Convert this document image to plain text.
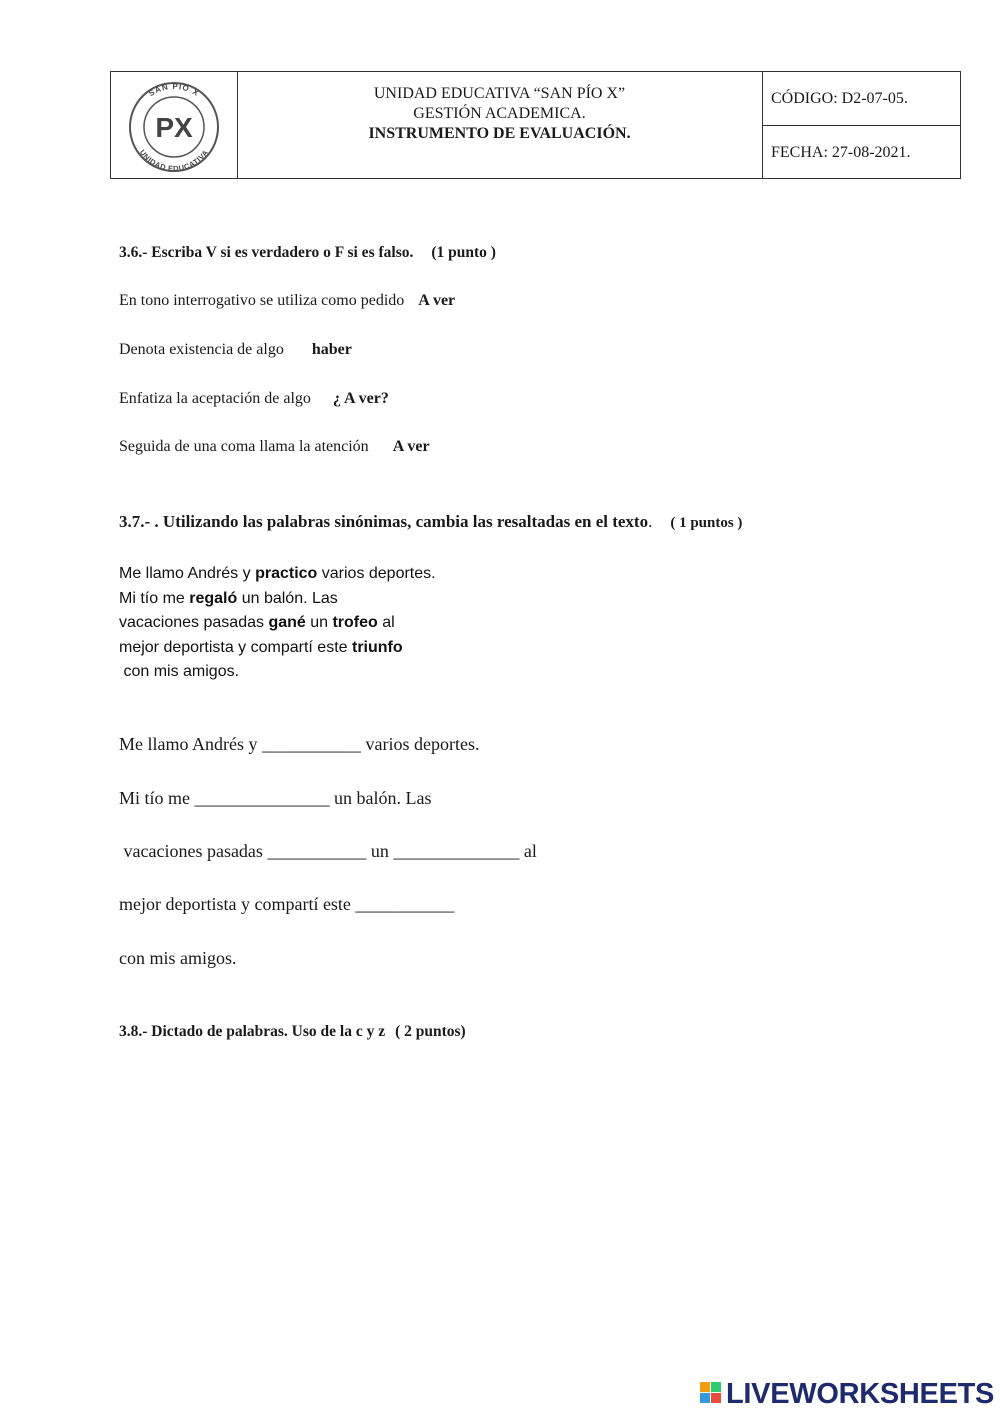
SAN PIO X
UNIDAD EDUCATIVA
PX
UNIDAD EDUCATIVA “SAN PÍO X”
GESTIÓN ACADEMICA.
INSTRUMENTO DE EVALUACIÓN.
CÓDIGO: D2-07-05.
FECHA: 27-08-2021.
3.6.- Escriba V si es verdadero o F si es falso. (1 punto )
En tono interrogativo se utiliza como pedido A ver
Denota existencia de algo haber
Enfatiza la aceptación de algo ¿ A ver?
Seguida de una coma llama la atención A ver
3.7.- . Utilizando las palabras sinónimas, cambia las resaltadas en el texto. ( 1 puntos )
Me llamo Andrés y practico varios deportes.
Mi tío me regaló un balón. Las
vacaciones pasadas gané un trofeo al
mejor deportista y compartí este triunfo
con mis amigos.
Me llamo Andrés y ___________ varios deportes.
Mi tío me _______________ un balón. Las
vacaciones pasadas ___________ un ______________ al
mejor deportista y compartí este ___________
con mis amigos.
3.8.- Dictado de palabras. Uso de la c y z ( 2 puntos)
LIVEWORKSHEETS
